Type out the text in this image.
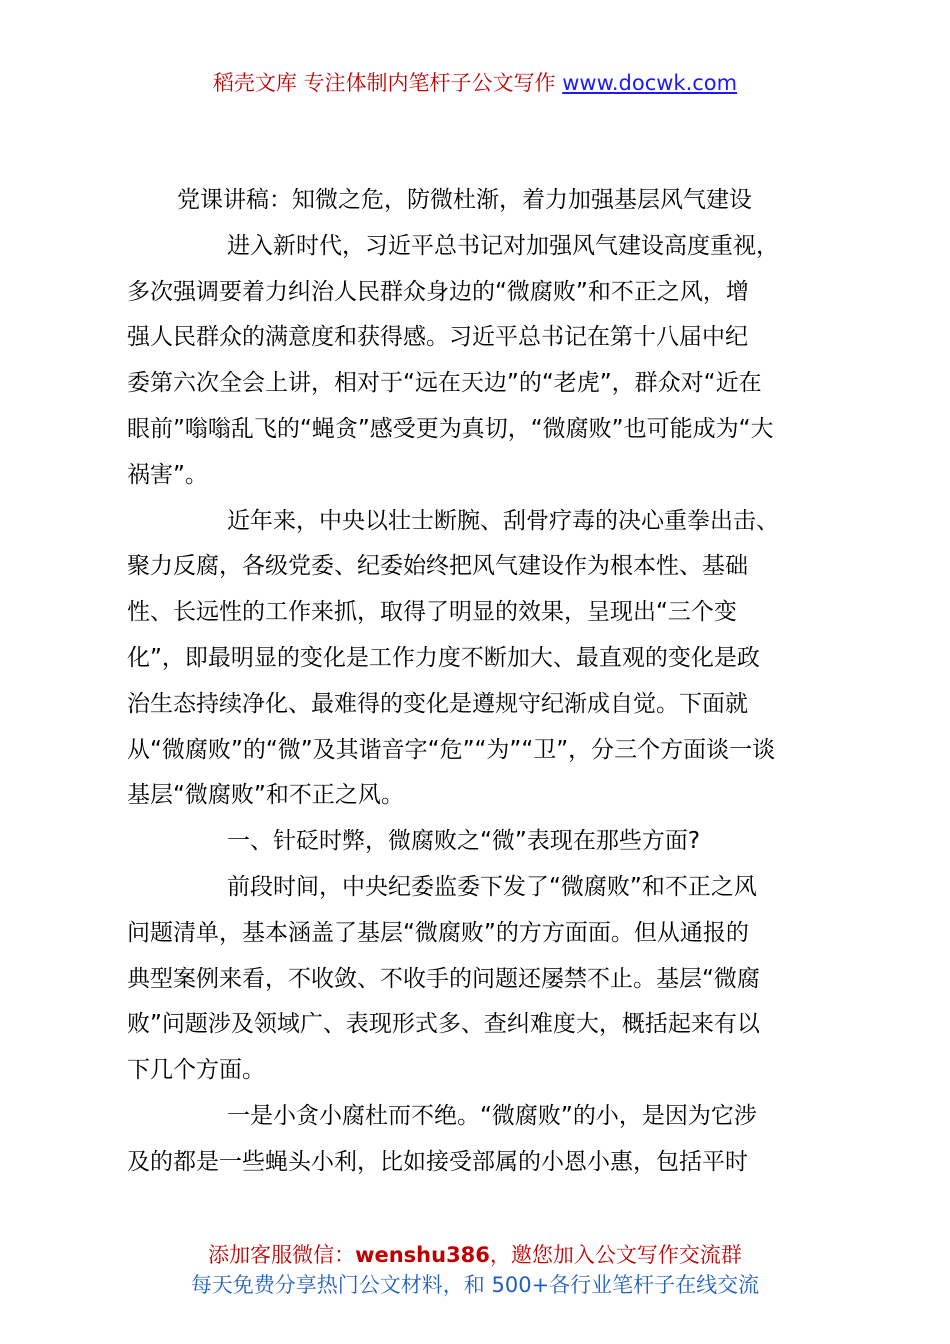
稻壳文库 专注体制内笔杆子公文写作 www.docwk.com
党课讲稿：知微之危，防微杜渐，着力加强基层风气建设
进入新时代，习近平总书记对加强风气建设高度重视，
多次强调要着力纠治人民群众身边的“微腐败”和不正之风，增
强人民群众的满意度和获得感。习近平总书记在第十八届中纪
委第六次全会上讲，相对于“远在天边”的“老虎”，群众对“近在
眼前”嗡嗡乱飞的“蝇贪”感受更为真切，“微腐败”也可能成为“大
祸害”。
近年来，中央以壮士断腕、刮骨疗毒的决心重拳出击、
聚力反腐，各级党委、纪委始终把风气建设作为根本性、基础
性、长远性的工作来抓，取得了明显的效果，呈现出“三个变
化”，即最明显的变化是工作力度不断加大、最直观的变化是政
治生态持续净化、最难得的变化是遵规守纪渐成自觉。下面就
从“微腐败”的“微”及其谐音字“危”“为”“卫”，分三个方面谈一谈
基层“微腐败”和不正之风。
一、针砭时弊，微腐败之“微”表现在那些方面?
前段时间，中央纪委监委下发了“微腐败”和不正之风
问题清单，基本涵盖了基层“微腐败”的方方面面。但从通报的
典型案例来看，不收敛、不收手的问题还屡禁不止。基层“微腐
败”问题涉及领域广、表现形式多、查纠难度大，概括起来有以
下几个方面。
一是小贪小腐杜而不绝。“微腐败”的小，是因为它涉
及的都是一些蝇头小利，比如接受部属的小恩小惠，包括平时
添加客服微信：wenshu386，邀您加入公文写作交流群
每天免费分享热门公文材料，和 500+各行业笔杆子在线交流
